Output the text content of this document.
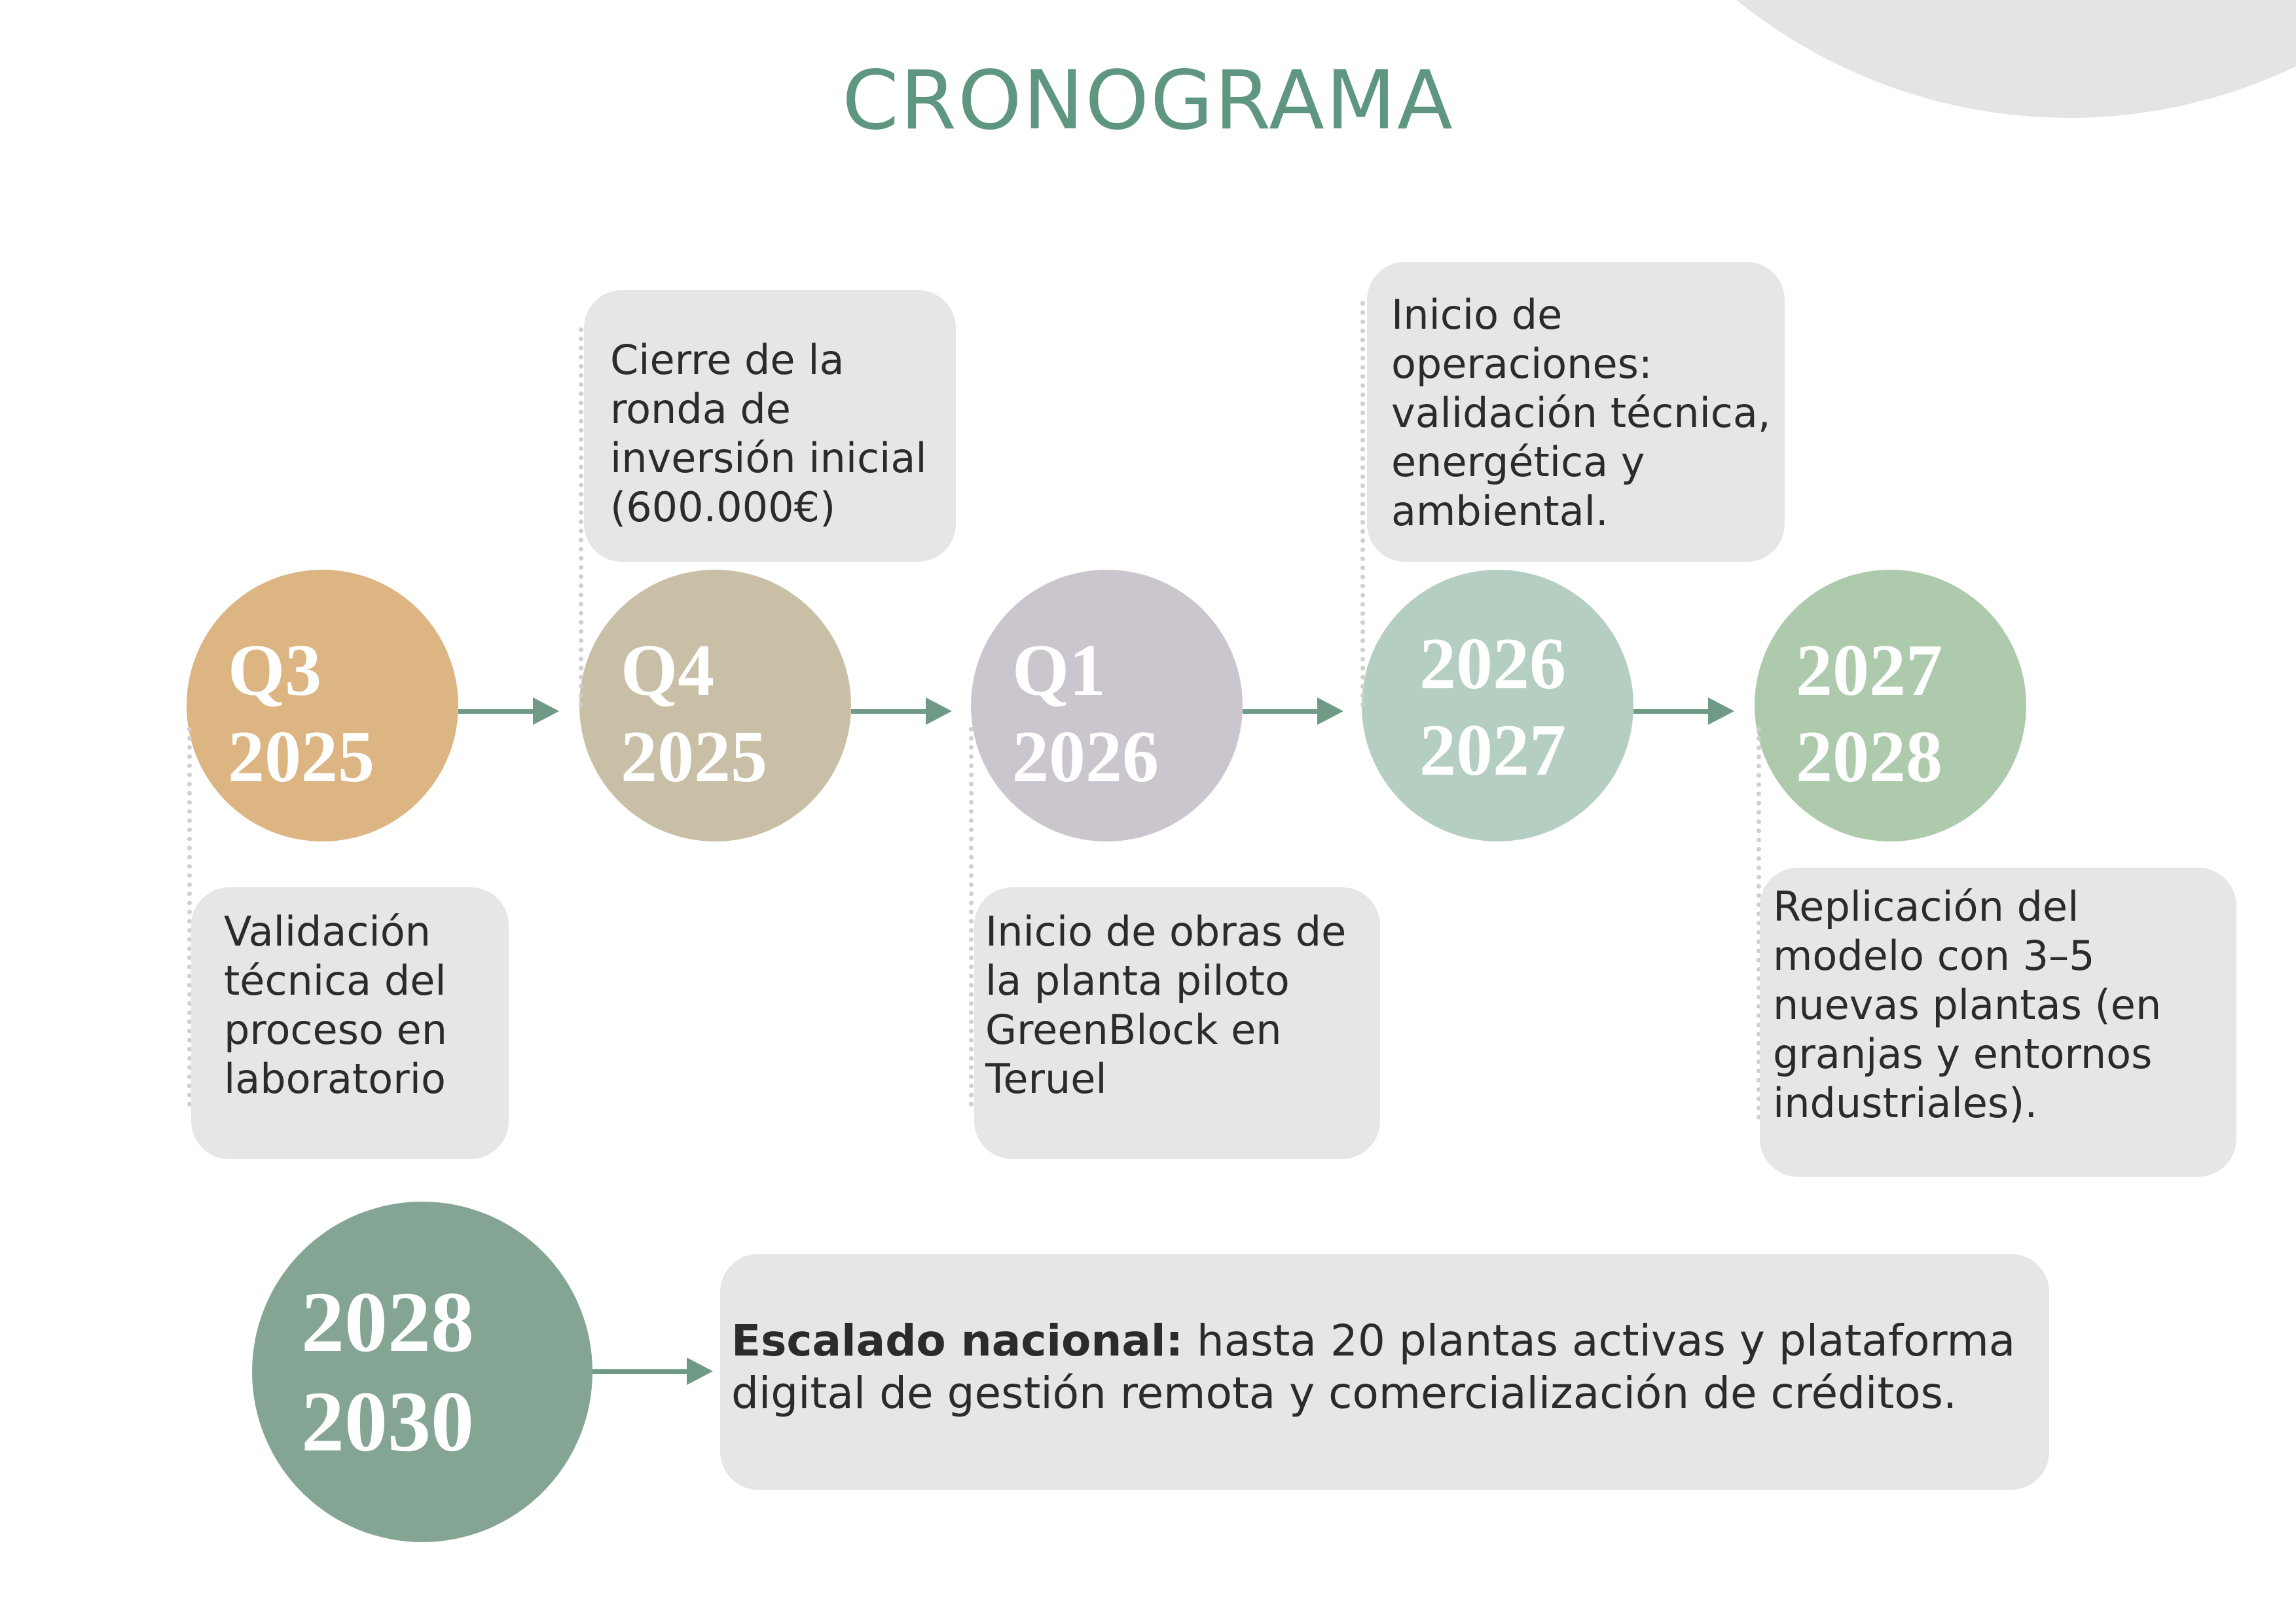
CRONOGRAMA
Q3
2025
Validación
técnica del
proceso en
laboratorio
Q4
2025
Cierre de la
ronda de
inversión inicial
(600.000€)
Q1
2026
Inicio de obras de
la planta piloto
GreenBlock en
Teruel
2026
2027
Inicio de
operaciones:
validación técnica,
energética y
ambiental.
2027
2028
Replicación del
modelo con 3–5
nuevas plantas (en
granjas y entornos
industriales).
2028
2030
Escalado nacional: hasta 20 plantas activas y plataforma
digital de gestión remota y comercialización de créditos.
